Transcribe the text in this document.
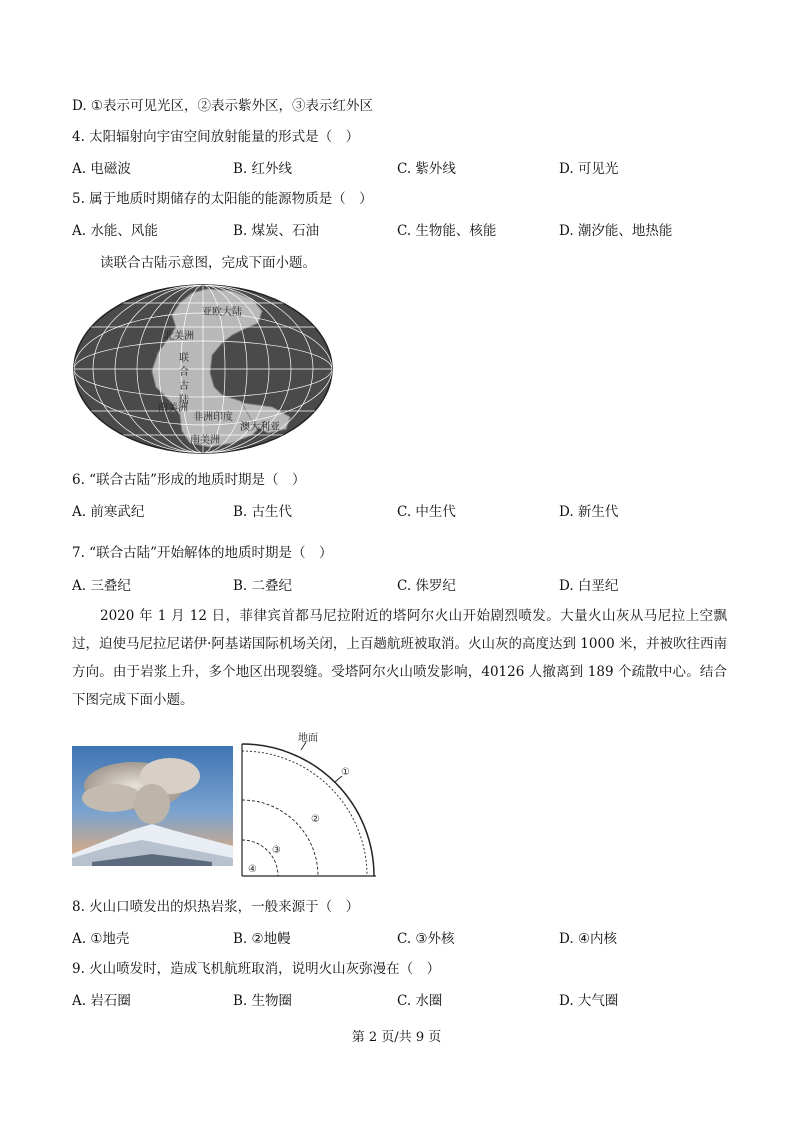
D. ①表示可见光区，②表示紫外区，③表示红外区
4. 太阳辐射向宇宙空间放射能量的形式是（　）
A. 电磁波	B. 红外线	C. 紫外线	D. 可见光
5. 属于地质时期储存的太阳能的能源物质是（　）
A. 水能、风能	B. 煤炭、石油	C. 生物能、核能	D. 潮汐能、地热能
读联合古陆示意图，完成下面小题。
亚欧大陆
北美洲
联
合
古
陆
南美洲
非洲印度
澳大利亚
南美洲
6. “联合古陆”形成的地质时期是（　）
A. 前寒武纪	B. 古生代	C. 中生代	D. 新生代
7. “联合古陆”开始解体的地质时期是（　）
A. 三叠纪	B. 二叠纪	C. 侏罗纪	D. 白垩纪
2020 年 1 月 12 日，菲律宾首都马尼拉附近的塔阿尔火山开始剧烈喷发。大量火山灰从马尼拉上空飘过，迫使马尼拉尼诺伊·阿基诺国际机场关闭，上百趟航班被取消。火山灰的高度达到 1000 米，并被吹往西南方向。由于岩浆上升，多个地区出现裂缝。受塔阿尔火山喷发影响，40126 人撤离到 189 个疏散中心。结合下图完成下面小题。
地面
①
②
③
④
8. 火山口喷发出的炽热岩浆，一般来源于（　）
A. ①地壳	B. ②地幔	C. ③外核	D. ④内核
9. 火山喷发时，造成飞机航班取消，说明火山灰弥漫在（　）
A. 岩石圈	B. 生物圈	C. 水圈	D. 大气圈
第 2 页/共 9 页
